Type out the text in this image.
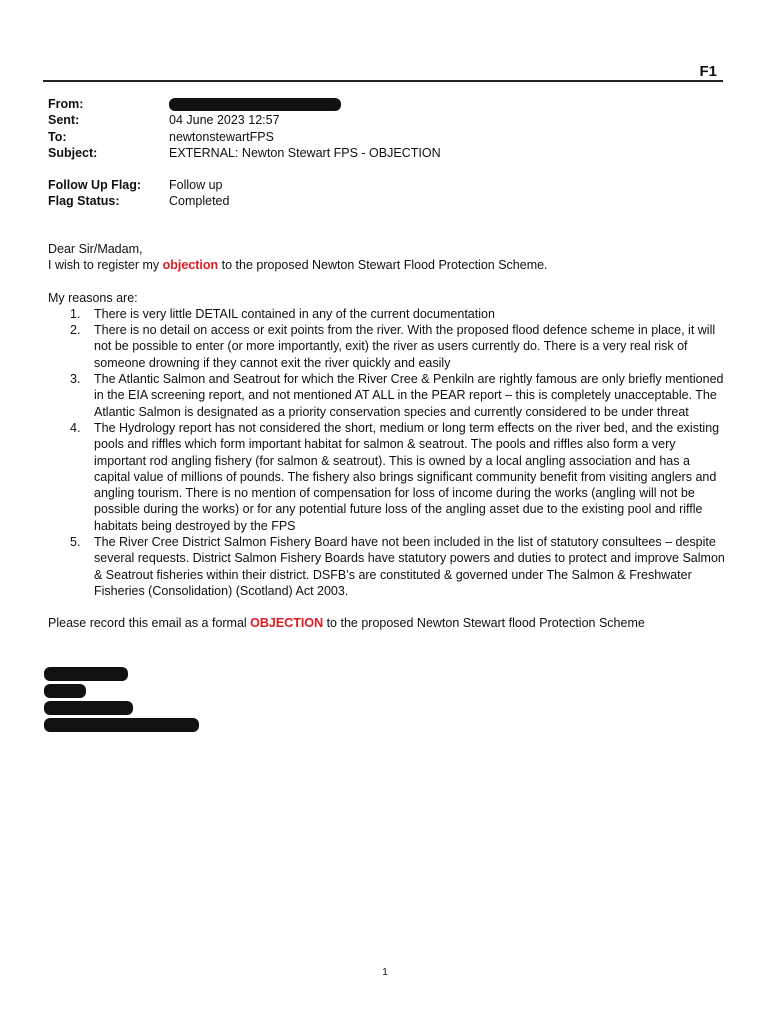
F1
From:
Sent:	04 June 2023 12:57
To:	newtonstewartFPS
Subject:	EXTERNAL: Newton Stewart FPS - OBJECTION
Follow Up Flag:	Follow up
Flag Status:	Completed

Dear Sir/Madam,

I wish to register my objection to the proposed Newton Stewart Flood Protection Scheme.

My reasons are:

1. There is very little DETAIL contained in any of the current documentation
2. There is no detail on access or exit points from the river. With the proposed flood defence scheme in place, it will not be possible to enter (or more importantly, exit) the river as users currently do. There is a very real risk of someone drowning if they cannot exit the river quickly and easily
3. The Atlantic Salmon and Seatrout for which the River Cree & Penkiln are rightly famous are only briefly mentioned in the EIA screening report, and not mentioned AT ALL in the PEAR report – this is completely unacceptable. The Atlantic Salmon is designated as a priority conservation species and currently considered to be under threat
4. The Hydrology report has not considered the short, medium or long term effects on the river bed, and the existing pools and riffles which form important habitat for salmon & seatrout. The pools and riffles also form a very important rod angling fishery (for salmon & seatrout). This is owned by a local angling association and has a capital value of millions of pounds. The fishery also brings significant community benefit from visiting anglers and angling tourism. There is no mention of compensation for loss of income during the works (angling will not be possible during the works) or for any potential future loss of the angling asset due to the existing pool and riffle habitats being destroyed by the FPS
5. The River Cree District Salmon Fishery Board have not been included in the list of statutory consultees – despite several requests. District Salmon Fishery Boards have statutory powers and duties to protect and improve Salmon & Seatrout fisheries within their district. DSFB’s are constituted & governed under The Salmon & Freshwater Fisheries (Consolidation) (Scotland) Act 2003.

Please record this email as a formal OBJECTION to the proposed Newton Stewart flood Protection Scheme

1
